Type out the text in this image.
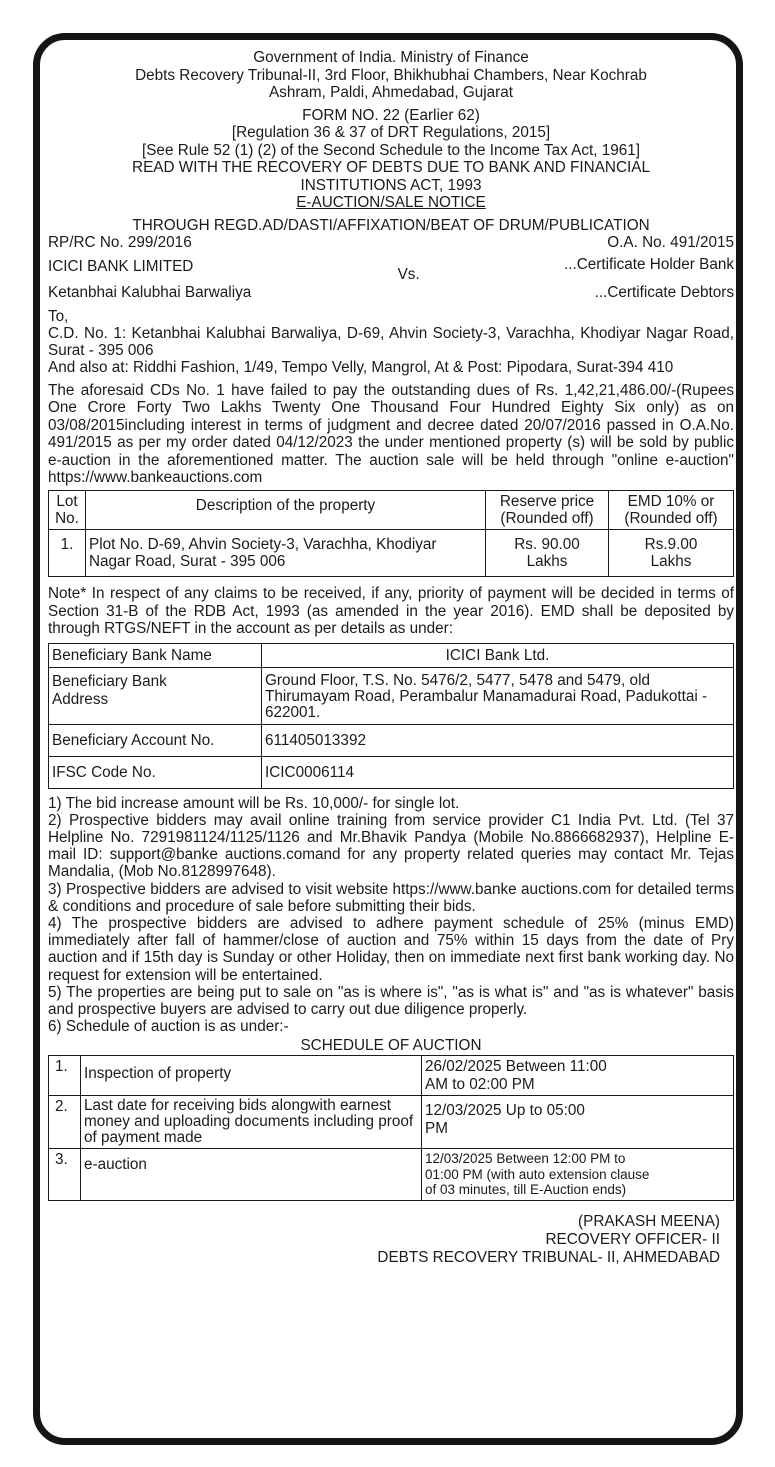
Government of India. Ministry of Finance
Debts Recovery Tribunal-II, 3rd Floor, Bhikhubhai Chambers, Near Kochrab
Ashram, Paldi, Ahmedabad, Gujarat
FORM NO. 22 (Earlier 62)
[Regulation 36 & 37 of DRT Regulations, 2015]
[See Rule 52 (1) (2) of the Second Schedule to the Income Tax Act, 1961]
READ WITH THE RECOVERY OF DEBTS DUE TO BANK AND FINANCIAL
INSTITUTIONS ACT, 1993
E-AUCTION/SALE NOTICE
THROUGH REGD.AD/DASTI/AFFIXATION/BEAT OF DRUM/PUBLICATION
RP/RC No. 299/2016	O.A. No. 491/2015
ICICI BANK LIMITED	Vs.
...Certificate Holder Bank
Ketanbhai Kalubhai Barwaliya	...Certificate Debtors
To,

C.D. No. 1: Ketanbhai Kalubhai Barwaliya, D-69, Ahvin Society-3, Varachha, Khodiyar Nagar Road, Surat - 395 006

And also at: Riddhi Fashion, 1/49, Tempo Velly, Mangrol, At & Post: Pipodara, Surat-394 410

The aforesaid CDs No. 1 have failed to pay the outstanding dues of Rs. 1,42,21,486.00/-(Rupees One Crore Forty Two Lakhs Twenty One Thousand Four Hundred Eighty Six only) as on 03/08/2015including interest in terms of judgment and decree dated 20/07/2016 passed in O.A.No. 491/2015 as per my order dated 04/12/2023 the under mentioned property (s) will be sold by public e-auction in the aforementioned matter. The auction sale will be held through "online e-auction" https://www.bankeauctions.com

Lot No.	Description of the property	Reserve price (Rounded off)	EMD 10% or (Rounded off)
1.	Plot No. D-69, Ahvin Society-3, Varachha, Khodiyar Nagar Road, Surat - 395 006	Rs. 90.00 Lakhs	Rs.9.00 Lakhs

Note* In respect of any claims to be received, if any, priority of payment will be decided in terms of Section 31-B of the RDB Act, 1993 (as amended in the year 2016). EMD shall be deposited by through RTGS/NEFT in the account as per details as under:

Beneficiary Bank Name	ICICI Bank Ltd.
Beneficiary Bank Address	Ground Floor, T.S. No. 5476/2, 5477, 5478 and 5479, old Thirumayam Road, Perambalur Manamadurai Road, Padukottai - 622001.
Beneficiary Account No.	611405013392
IFSC Code No.	ICIC0006114

1) The bid increase amount will be Rs. 10,000/- for single lot.

2) Prospective bidders may avail online training from service provider C1 India Pvt. Ltd. (Tel 37 Helpline No. 7291981124/1125/1126 and Mr.Bhavik Pandya (Mobile No.8866682937), Helpline E-mail ID: support@banke auctions.comand for any property related queries may contact Mr. Tejas Mandalia, (Mob No.8128997648).

3) Prospective bidders are advised to visit website https://www.banke auctions.com for detailed terms & conditions and procedure of sale before submitting their bids.

4) The prospective bidders are advised to adhere payment schedule of 25% (minus EMD) immediately after fall of hammer/close of auction and 75% within 15 days from the date of Pry auction and if 15th day is Sunday or other Holiday, then on immediate next first bank working day. No request for extension will be entertained.

5) The properties are being put to sale on "as is where is", "as is what is" and "as is whatever" basis and prospective buyers are advised to carry out due diligence properly.

6) Schedule of auction is as under:-

SCHEDULE OF AUCTION
1.	Inspection of property	26/02/2025 Between 11:00 AM to 02:00 PM
2.	Last date for receiving bids alongwith earnest money and uploading documents including proof of payment made	12/03/2025 Up to 05:00 PM
3.	e-auction	12/03/2025 Between 12:00 PM to 01:00 PM (with auto extension clause of 03 minutes, till E-Auction ends)
(PRAKASH MEENA)
RECOVERY OFFICER- II
DEBTS RECOVERY TRIBUNAL- II, AHMEDABAD
